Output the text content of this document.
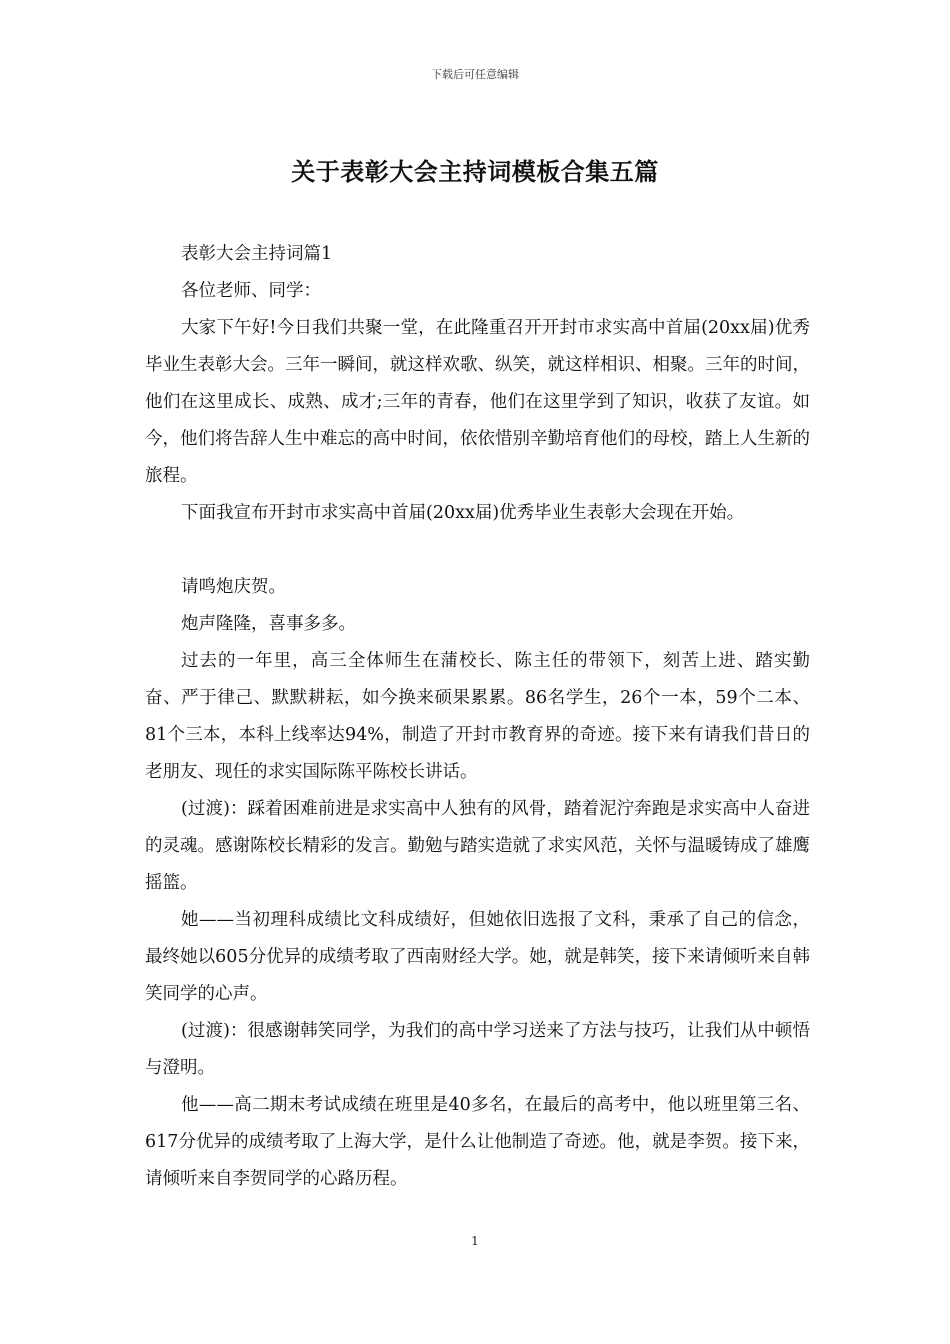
下载后可任意编辑
关于表彰大会主持词模板合集五篇

表彰大会主持词篇1

各位老师、同学：

大家下午好!今日我们共聚一堂，在此隆重召开开封市求实高中首届(20xx届)优秀毕业生表彰大会。三年一瞬间，就这样欢歌、纵笑，就这样相识、相聚。三年的时间，他们在这里成长、成熟、成才;三年的青春，他们在这里学到了知识，收获了友谊。如今，他们将告辞人生中难忘的高中时间，依依惜别辛勤培育他们的母校，踏上人生新的旅程。

下面我宣布开封市求实高中首届(20xx届)优秀毕业生表彰大会现在开始。

请鸣炮庆贺。

炮声隆隆，喜事多多。

过去的一年里，高三全体师生在蒲校长、陈主任的带领下，刻苦上进、踏实勤奋、严于律己、默默耕耘，如今换来硕果累累。86名学生，26个一本，59个二本、81个三本，本科上线率达94%，制造了开封市教育界的奇迹。接下来有请我们昔日的老朋友、现任的求实国际陈平陈校长讲话。

(过渡)：踩着困难前进是求实高中人独有的风骨，踏着泥泞奔跑是求实高中人奋进的灵魂。感谢陈校长精彩的发言。勤勉与踏实造就了求实风范，关怀与温暖铸成了雄鹰摇篮。

她——当初理科成绩比文科成绩好，但她依旧选报了文科，秉承了自己的信念，最终她以605分优异的成绩考取了西南财经大学。她，就是韩笑，接下来请倾听来自韩笑同学的心声。

(过渡)：很感谢韩笑同学，为我们的高中学习送来了方法与技巧，让我们从中顿悟与澄明。

他——高二期末考试成绩在班里是40多名，在最后的高考中，他以班里第三名、617分优异的成绩考取了上海大学，是什么让他制造了奇迹。他，就是李贺。接下来，请倾听来自李贺同学的心路历程。

1
